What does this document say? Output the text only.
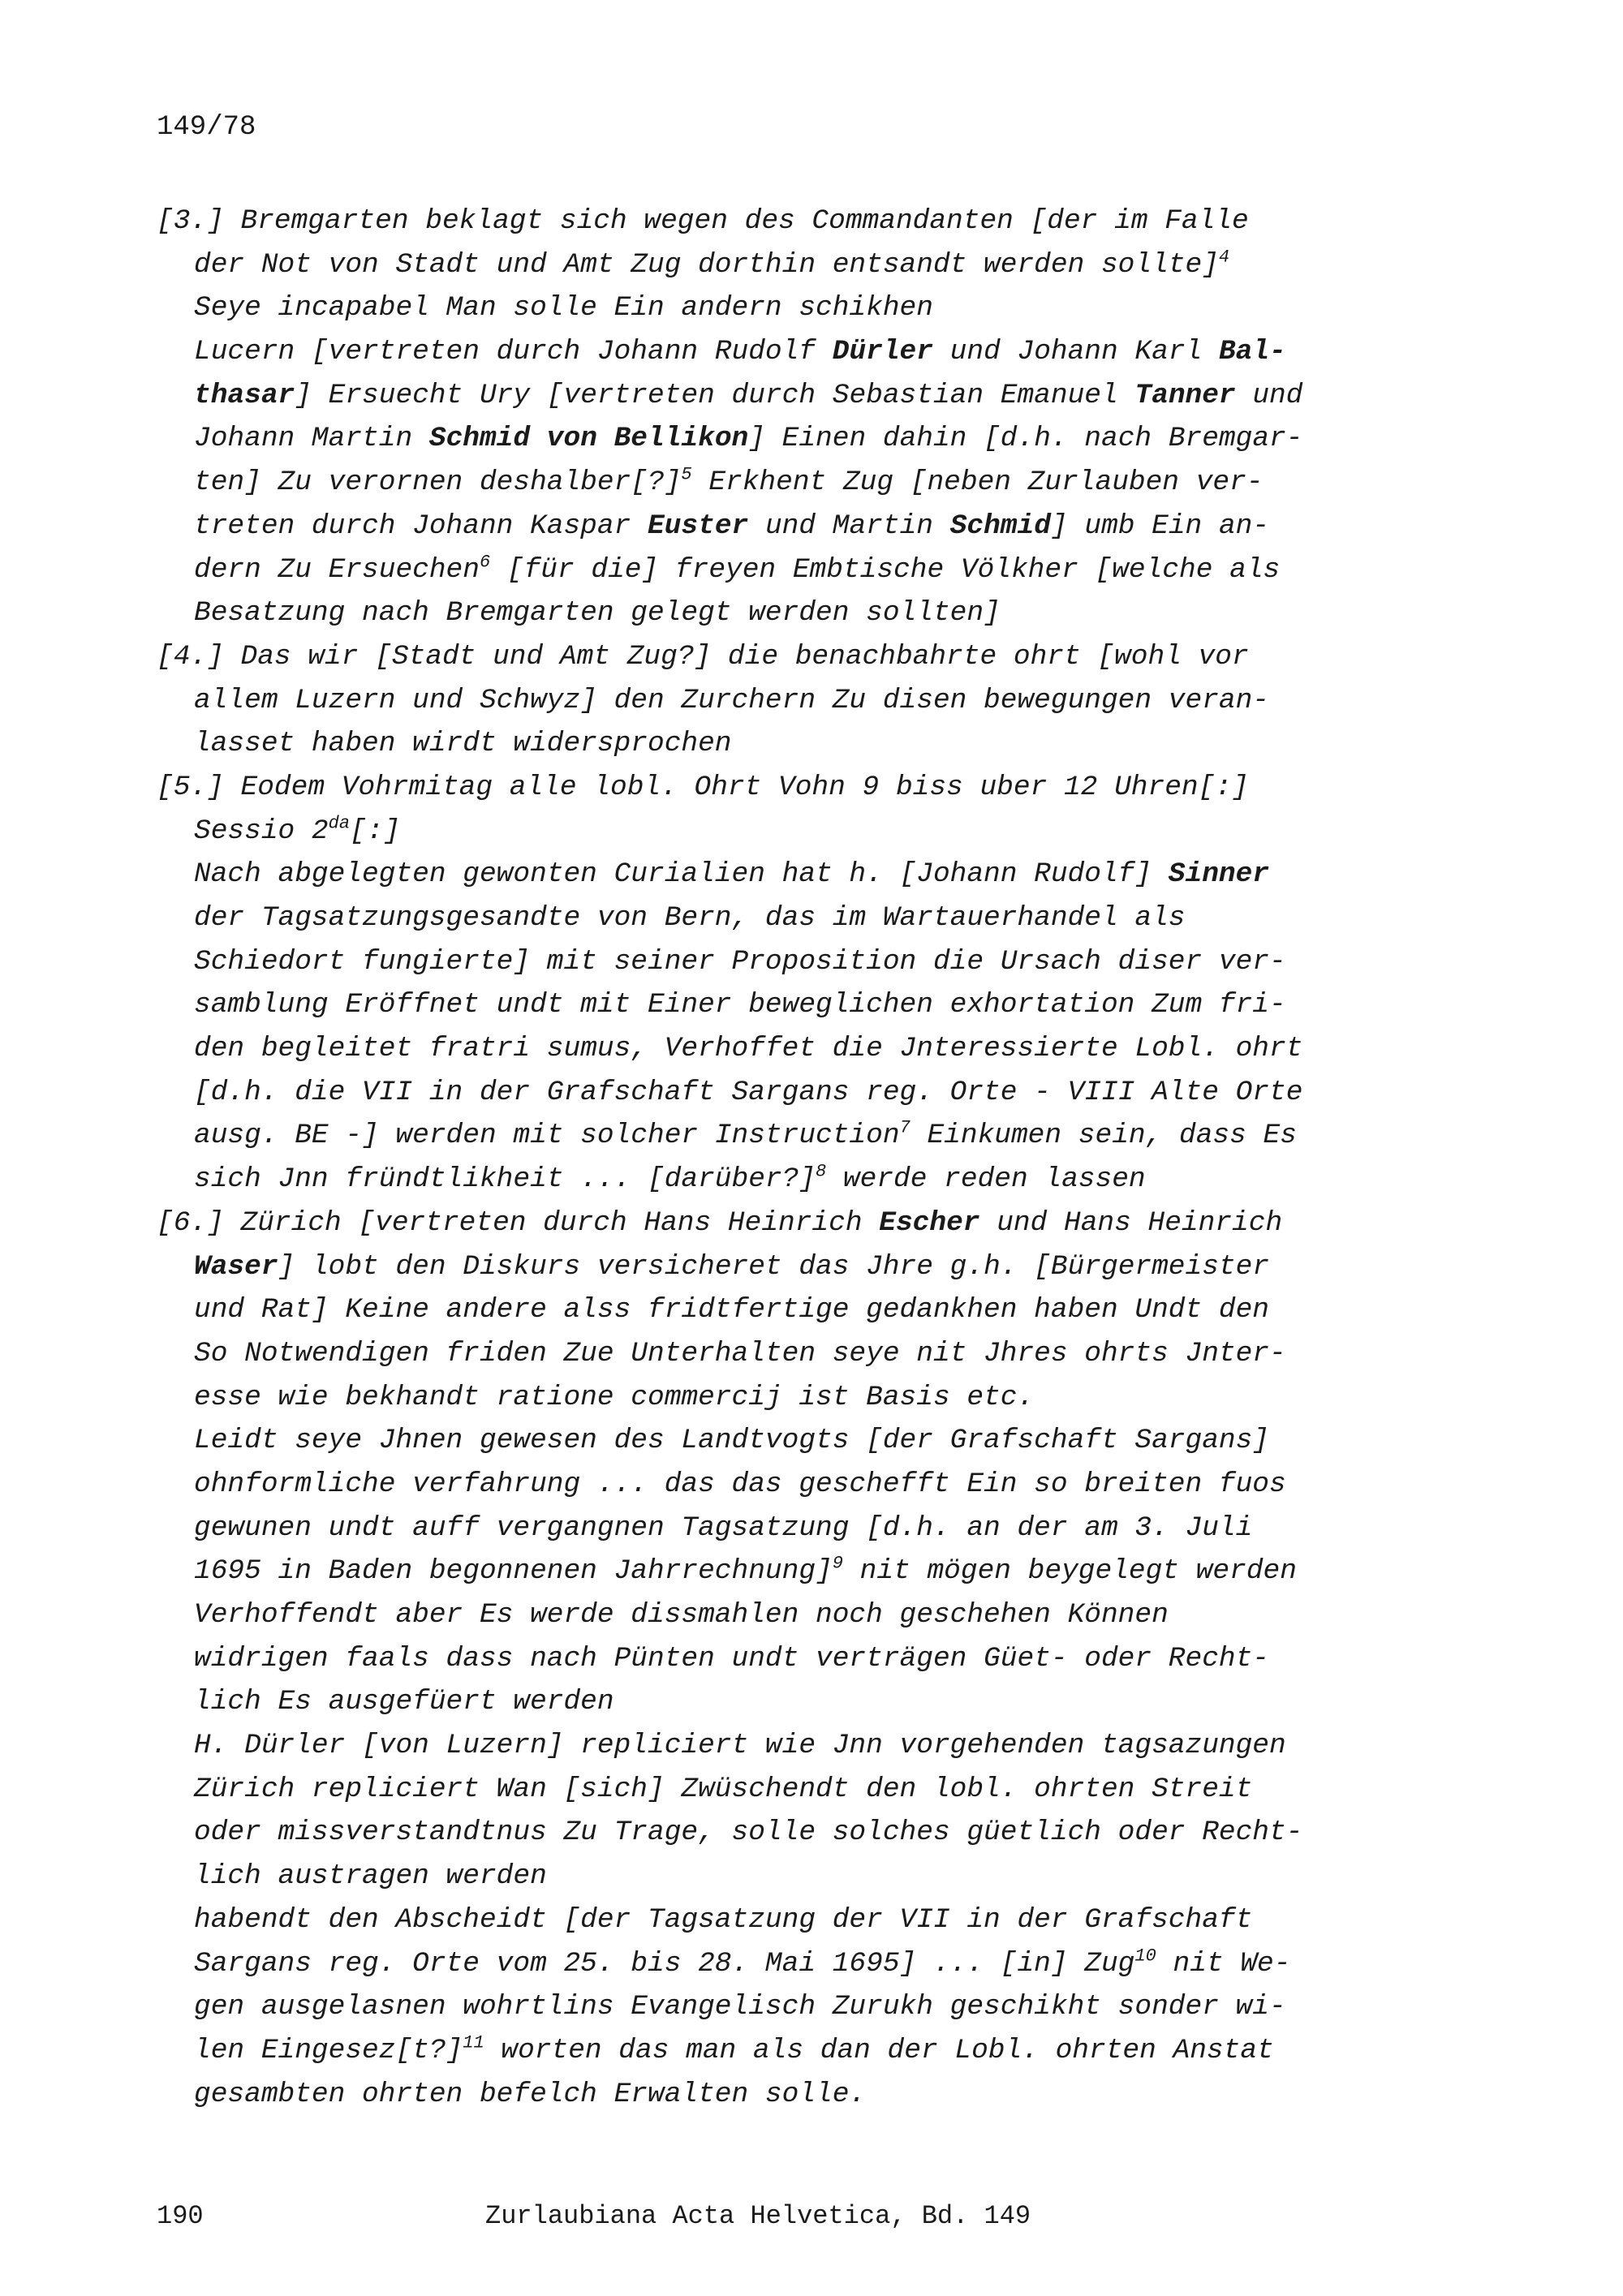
149/78
[3.] Bremgarten beklagt sich wegen des Commandanten [der im Falle
der Not von Stadt und Amt Zug dorthin entsandt werden sollte]$^4$
Seye incapabel Man solle Ein andern schikhen
Lucern [vertreten durch Johann Rudolf Dürler und Johann Karl Bal-
thasar] Ersuecht Ury [vertreten durch Sebastian Emanuel Tanner und
Johann Martin Schmid von Bellikon] Einen dahin [d.h. nach Bremgar-
ten] Zu verornen deshalber[?]$^5$ Erkhent Zug [neben Zurlauben ver-
treten durch Johann Kaspar Euster und Martin Schmid] umb Ein an-
dern Zu Ersuechen$^6$ [für die] freyen Embtische Völkher [welche als
Besatzung nach Bremgarten gelegt werden sollten]
[4.] Das wir [Stadt und Amt Zug?] die benachbahrte ohrt [wohl vor
allem Luzern und Schwyz] den Zurchern Zu disen bewegungen veran-
lasset haben wirdt widersprochen
[5.] Eodem Vohrmitag alle lobl. Ohrt Vohn 9 biss uber 12 Uhren[:]
Sessio $2^{da}[:]$
Nach abgelegten gewonten Curialien hat h. [Johann Rudolf] Sinner
der Tagsatzungsgesandte von Bern, das im Wartauerhandel als
Schiedort fungierte] mit seiner Proposition die Ursach diser ver-
samblung Eröffnet undt mit Einer beweglichen exhortation Zum fri-
den begleitet fratri sumus, Verhoffet die Jnteressierte Lobl. ohrt
[d.h. die VII in der Grafschaft Sargans reg. Orte - VIII Alte Orte
ausg. BE -] werden mit solcher Instruction$^7$ Einkumen sein, dass Es
sich Jnn fründtlikheit ... [darüber?]$^8$ werde reden lassen
[6.] Zürich [vertreten durch Hans Heinrich Escher und Hans Heinrich
Waser] lobt den Diskurs versicheret das Jhre g.h. [Bürgermeister
und Rat] Keine andere alss fridtfertige gedankhen haben Undt den
So Notwendigen friden Zue Unterhalten seye nit Jhres ohrts Jnter-
esse wie bekhandt ratione commercij ist Basis etc.
Leidt seye Jhnen gewesen des Landtvogts [der Grafschaft Sargans]
ohnformliche verfahrung ... das das geschefft Ein so breiten fuos
gewunen undt auff vergangnen Tagsatzung [d.h. an der am 3. Juli
1695 in Baden begonnenen Jahrrechnung]$^9$ nit mögen beygelegt werden
Verhoffendt aber Es werde dissmahlen noch geschehen Können
widrigen faals dass nach Pünten undt verträgen Güet- oder Recht-
lich Es ausgefüert werden
H. Dürler [von Luzern] repliciert wie Jnn vorgehenden tagsazungen
Zürich repliciert Wan [sich] Zwüschendt den lobl. ohrten Streit
oder missverstandtnus Zu Trage, solle solches güetlich oder Recht-
lich austragen werden
habendt den Abscheidt [der Tagsatzung der VII in der Grafschaft
Sargans reg. Orte vom 25. bis 28. Mai 1695] ... [in] Zug$^{10}$ nit We-
gen ausgelasnen wohrtlins Evangelisch Zurukh geschikht sonder wi-
len Eingesez[t?]$^{11}$ worten das man als dan der Lobl. ohrten Anstat
gesambten ohrten befelch Erwalten solle.
190	Zurlaubiana Acta Helvetica, Bd. 149
